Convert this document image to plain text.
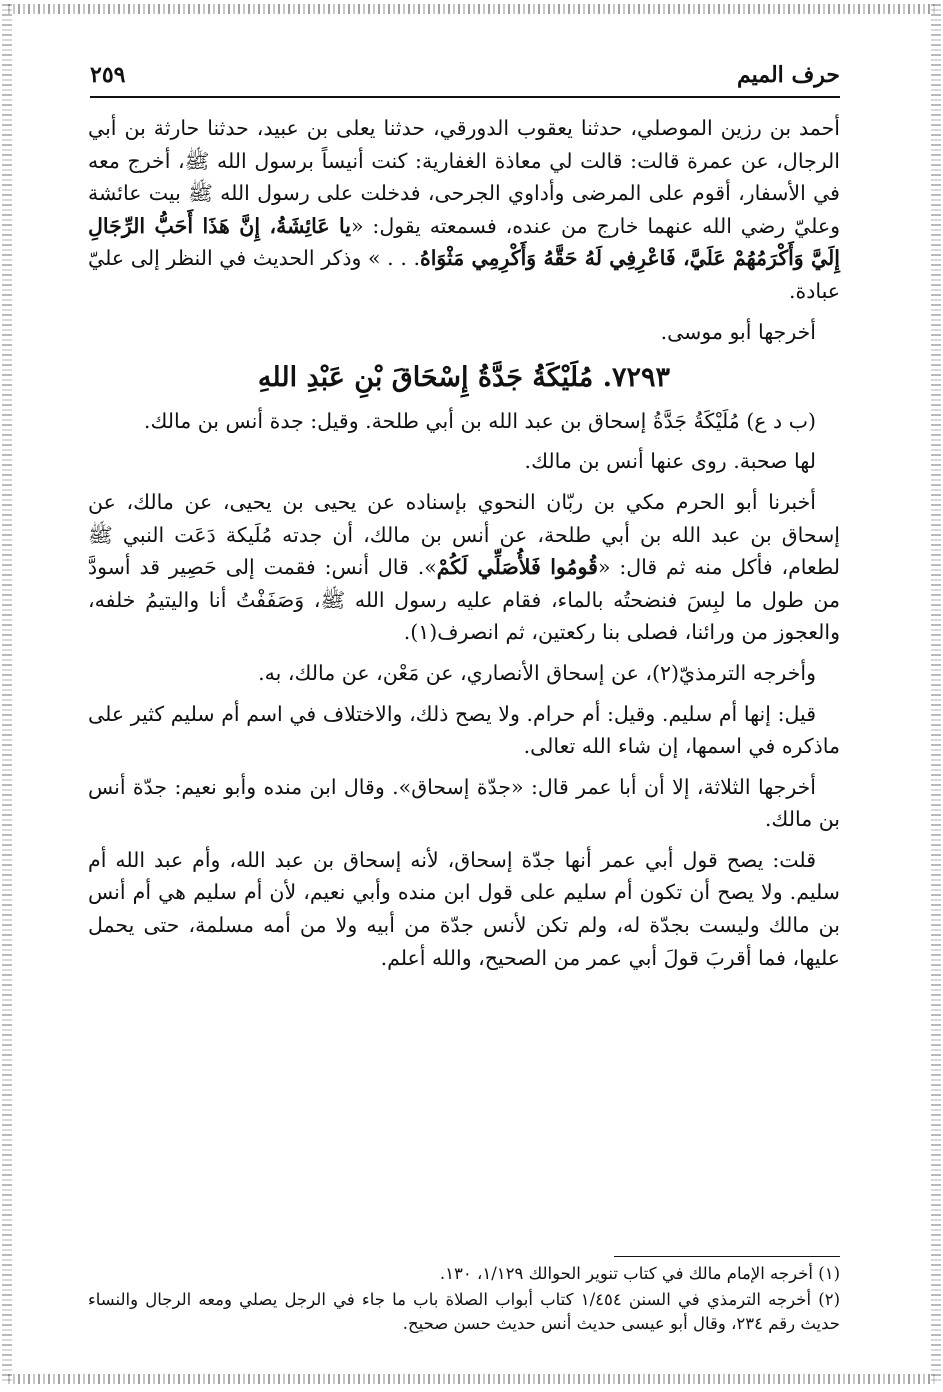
حرف الميم
٢٥٩

أحمد بن رزين الموصلي، حدثنا يعقوب الدورقي، حدثنا يعلى بن عبيد، حدثنا حارثة بن أبي الرجال، عن عمرة قالت: قالت لي معاذة الغفارية: كنت أنيساً برسول الله ﷺ، أخرج معه في الأسفار، أقوم على المرضى وأداوي الجرحى، فدخلت على رسول الله ﷺ بيت عائشة وعليّ رضي الله عنهما خارج من عنده، فسمعته يقول: «يا عَائِشَةُ، إِنَّ هَذَا أَحَبُّ الرِّجَالِ إِلَيَّ وَأَكْرَمُهُمْ عَلَيَّ، فَاعْرِفِي لَهُ حَقَّهُ وَأَكْرِمِي مَثْوَاهُ. . . » وذكر الحديث في النظر إلى عليّ عبادة.

أخرجها أبو موسى.

٧٢٩٣. مُلَيْكَةُ جَدَّةُ إِسْحَاقَ بْنِ عَبْدِ اللهِ

(ب د ع) مُلَيْكَةُ جَدَّةُ إسحاق بن عبد الله بن أبي طلحة. وقيل: جدة أنس بن مالك.

لها صحبة. روى عنها أنس بن مالك.

أخبرنا أبو الحرم مكي بن ربّان النحوي بإسناده عن يحيى بن يحيى، عن مالك، عن إسحاق بن عبد الله بن أبي طلحة، عن أنس بن مالك، أن جدته مُلَيكة دَعَت النبي ﷺ لطعام، فأكل منه ثم قال: «قُومُوا فَلأُصَلِّي لَكُمْ». قال أنس: فقمت إلى حَصِير قد أسودَّ من طول ما لبِسَ فنضحتُه بالماء، فقام عليه رسول الله ﷺ، وَصَفَفْتُ أنا واليتيمُ خلفه، والعجوز من ورائنا، فصلى بنا ركعتين، ثم انصرف(١).

وأخرجه الترمذيّ(٢)، عن إسحاق الأنصاري، عن مَعْن، عن مالك، به.

قيل: إنها أم سليم. وقيل: أم حرام. ولا يصح ذلك، والاختلاف في اسم أم سليم كثير على ماذكره في اسمها، إن شاء الله تعالى.

أخرجها الثلاثة، إلا أن أبا عمر قال: «جدّة إسحاق». وقال ابن منده وأبو نعيم: جدّة أنس بن مالك.

قلت: يصح قول أبي عمر أنها جدّة إسحاق، لأنه إسحاق بن عبد الله، وأم عبد الله أم سليم. ولا يصح أن تكون أم سليم على قول ابن منده وأبي نعيم، لأن أم سليم هي أم أنس بن مالك وليست بجدّة له، ولم تكن لأنس جدّة من أبيه ولا من أمه مسلمة، حتى يحمل عليها، فما أقربَ قولَ أبي عمر من الصحيح، والله أعلم.

(١) أخرجه الإمام مالك في كتاب تنوير الحوالك ١/١٢٩، ١٣٠.

(٢) أخرجه الترمذي في السنن ١/٤٥٤ كتاب أبواب الصلاة باب ما جاء في الرجل يصلي ومعه الرجال والنساء حديث رقم ٢٣٤، وقال أبو عيسى حديث أنس حديث حسن صحيح.
